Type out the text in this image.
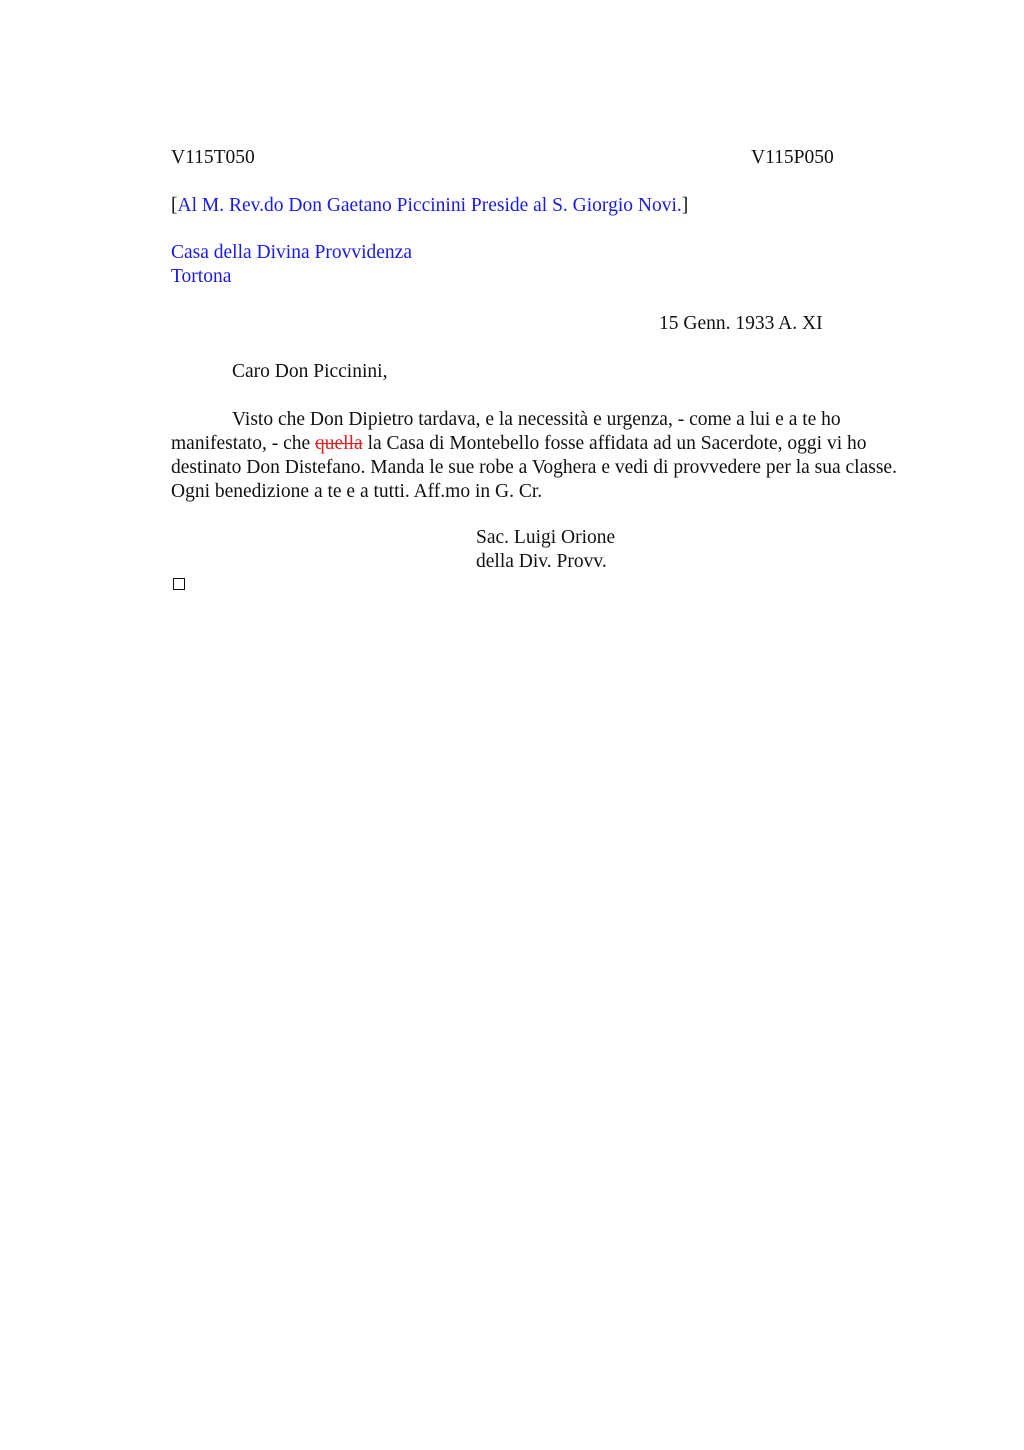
V115T050	V115P050
[Al M. Rev.do Don Gaetano Piccinini Preside al S. Giorgio Novi.]
Casa della Divina Provvidenza
Tortona
15 Genn. 1933 A. XI
Caro Don Piccinini,
Visto che Don Dipietro tardava, e la necessità e urgenza, - come a lui e a te ho manifestato, - che quella la Casa di Montebello fosse affidata ad un Sacerdote, oggi vi ho destinato Don Distefano. Manda le sue robe a Voghera e vedi di provvedere per la sua classe. Ogni benedizione a te e a tutti. Aff.mo in G. Cr.
Sac. Luigi Orione
della Div. Provv.
